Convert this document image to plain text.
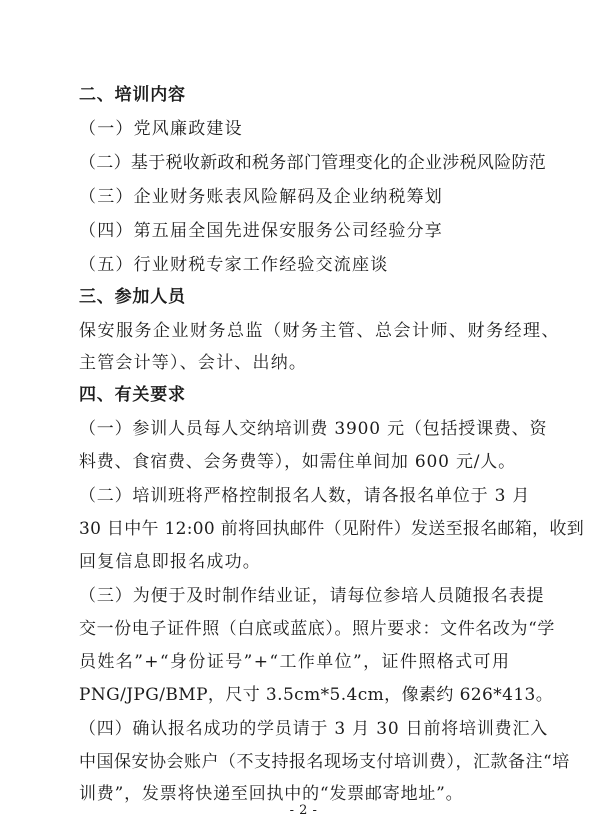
二、培训内容
（一）党风廉政建设
（二）基于税收新政和税务部门管理变化的企业涉税风险防范
（三）企业财务账表风险解码及企业纳税筹划
（四）第五届全国先进保安服务公司经验分享
（五）行业财税专家工作经验交流座谈
三、参加人员
保安服务企业财务总监（财务主管、总会计师、财务经理、
主管会计等）、会计、出纳。
四、有关要求
（一）参训人员每人交纳培训费 3900 元（包括授课费、资
料费、食宿费、会务费等），如需住单间加 600 元/人。
（二）培训班将严格控制报名人数，请各报名单位于 3 月
30 日中午 12:00 前将回执邮件（见附件）发送至报名邮箱，收到
回复信息即报名成功。
（三）为便于及时制作结业证，请每位参培人员随报名表提
交一份电子证件照（白底或蓝底）。照片要求：文件名改为“学
员姓名”+“身份证号”+“工作单位”，证件照格式可用
PNG/JPG/BMP，尺寸 3.5cm*5.4cm，像素约 626*413。
（四）确认报名成功的学员请于 3 月 30 日前将培训费汇入
中国保安协会账户（不支持报名现场支付培训费），汇款备注“培
训费”，发票将快递至回执中的“发票邮寄地址”。
- 2 -
